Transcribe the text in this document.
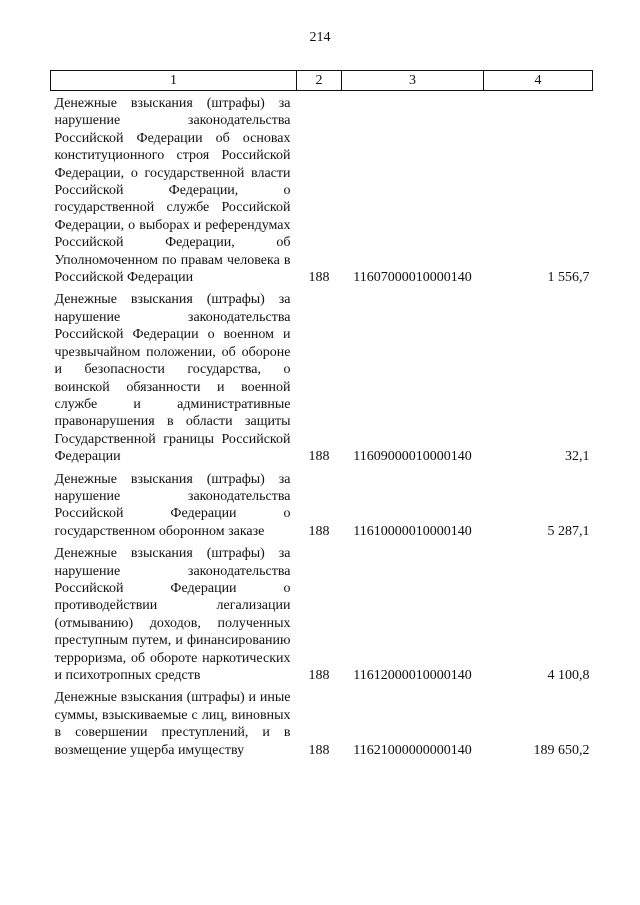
214
1	2	3	4
Денежные взыскания (штрафы) за нарушение законодательства Российской Федерации об основах конституционного строя Российской Федерации, о государственной власти Российской Федерации, о государственной службе Российской Федерации, о выборах и референдумах Российской Федерации, об Уполномоченном по правам человека в Российской Федерации	188	11607000010000140	1 556,7
Денежные взыскания (штрафы) за нарушение законодательства Российской Федерации о военном и чрезвычайном положении, об обороне и безопасности государства, о воинской обязанности и военной службе и административные правонарушения в области защиты Государственной границы Российской Федерации	188	11609000010000140	32,1
Денежные взыскания (штрафы) за нарушение законодательства Российской Федерации о государственном оборонном заказе	188	11610000010000140	5 287,1
Денежные взыскания (штрафы) за нарушение законодательства Российской Федерации о противодействии легализации (отмыванию) доходов, полученных преступным путем, и финансированию терроризма, об обороте наркотических и психотропных средств	188	11612000010000140	4 100,8
Денежные взыскания (штрафы) и иные суммы, взыскиваемые с лиц, виновных в совершении преступлений, и в возмещение ущерба имуществу	188	11621000000000140	189 650,2
